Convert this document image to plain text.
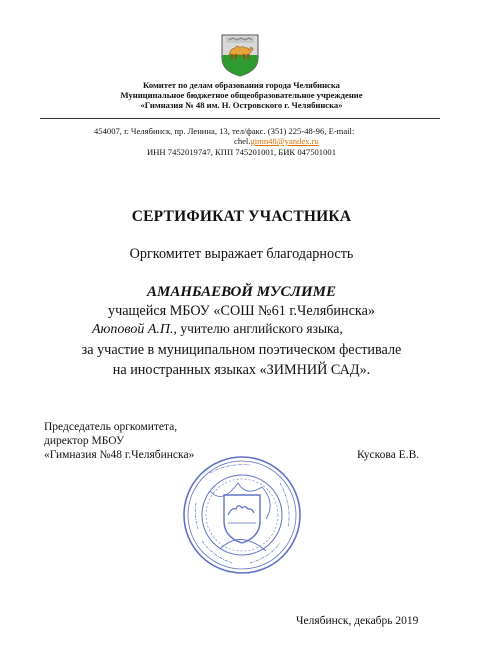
Комитет по делам образования города Челябинска
Муниципальное бюджетное общеобразовательное учреждение
«Гимназия № 48 им. Н. Островского г. Челябинска»
454007, г. Челябинск, пр. Ленина, 13, тел/факс. (351) 225-48-96, E-mail:
chel.gimn48@yandex.ru
ИНН 7452019747, КПП 745201001, БИК 047501001
СЕРТИФИКАТ УЧАСТНИКА
Оргкомитет выражает благодарность
АМАНБАЕВОЙ МУСЛИМЕ
учащейся МБОУ «СОШ №61 г.Челябинска»
Аюповой А.П., учителю английского языка,
за участие в муниципальном поэтическом фестивале
на иностранных языках «ЗИМНИЙ САД».
Председатель оргкомитета,
директор МБОУ
«Гимназия №48 г.Челябинска»	Кускова Е.В.
Челябинск, декабрь 2019
